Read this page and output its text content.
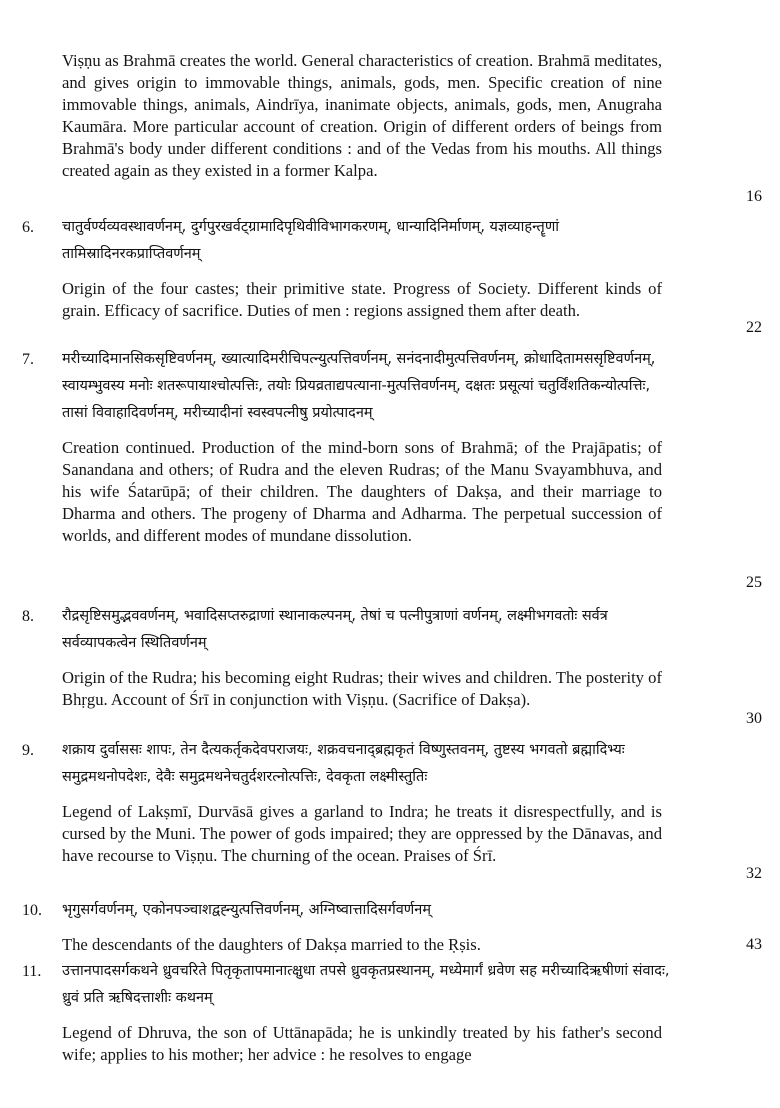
Viṣṇu as Brahmā creates the world. General characteristics of creation. Brahmā meditates, and gives origin to immovable things, animals, gods, men. Specific creation of nine immovable things, animals, Aindrīya, inanimate objects, animals, gods, men, Anugraha Kaumāra. More particular account of creation. Origin of different orders of beings from Brahmā's body under different conditions : and of the Vedas from his mouths. All things created again as they existed in a former Kalpa.
16
6. चातुर्वर्ण्यव्यवस्थावर्णनम्, दुर्गपुरखर्वट्ग्रामादिपृथिवीविभागकरणम्, धान्यादिनिर्माणम्, यज्ञव्याहन्तॄणां तामिस्रादिनरकप्राप्तिवर्णनम्
Origin of the four castes; their primitive state. Progress of Society. Different kinds of grain. Efficacy of sacrifice. Duties of men : regions assigned them after death.
22
7. मरीच्यादिमानसिकसृष्टिवर्णनम्, ख्यात्यादिमरीचिपत्न्युत्पत्तिवर्णनम्, सनंदनादीमुत्पत्तिवर्णनम्, क्रोधादितामससृष्टिवर्णनम्, स्वायम्भुवस्य मनोः शतरूपायाश्चोत्पत्तिः, तयोः प्रियव्रताद्यपत्याना-मुत्पत्तिवर्णनम्, दक्षतः प्रसूत्यां चतुर्विंशतिकन्योत्पत्तिः, तासां विवाहादिवर्णनम्, मरीच्यादीनां स्वस्वपत्नीषु प्रयोत्पादनम्
Creation continued. Production of the mind-born sons of Brahmā; of the Prajāpatis; of Sanandana and others; of Rudra and the eleven Rudras; of the Manu Svayambhuva, and his wife Śatarūpā; of their children. The daughters of Dakṣa, and their marriage to Dharma and others. The progeny of Dharma and Adharma. The perpetual succession of worlds, and different modes of mundane dissolution.
25
8. रौद्रसृष्टिसमुद्भववर्णनम्, भवादिसप्तरुद्राणां स्थानाकल्पनम्, तेषां च पत्नीपुत्राणां वर्णनम्, लक्ष्मीभगवतोः सर्वत्र सर्वव्यापकत्वेन स्थितिवर्णनम्
Origin of the Rudra; his becoming eight Rudras; their wives and children. The posterity of Bhṛgu. Account of Śrī in conjunction with Viṣṇu. (Sacrifice of Dakṣa).
30
9. शक्राय दुर्वाससः शापः, तेन दैत्यकर्तृकदेवपराजयः, शक्रवचनाद्ब्रह्मकृतं विष्णुस्तवनम्, तुष्टस्य भगवतो ब्रह्मादिभ्यः समुद्रमथनोपदेशः, देवैः समुद्रमथनेचतुर्दशरत्नोत्पत्तिः, देवकृता लक्ष्मीस्तुतिः
Legend of Lakṣmī, Durvāsā gives a garland to Indra; he treats it disrespectfully, and is cursed by the Muni. The power of gods impaired; they are oppressed by the Dānavas, and have recourse to Viṣṇu. The churning of the ocean. Praises of Śrī.
32
10. भृगुसर्गवर्णनम्, एकोनपञ्चाशद्वह्न्युत्पत्तिवर्णनम्, अग्निष्वात्तादिसर्गवर्णनम्
The descendants of the daughters of Dakṣa married to the Ṛṣis.	43
11. उत्तानपादसर्गकथने ध्रुवचरिते पितृकृतापमानात्क्षुधा तपसे ध्रुवकृतप्रस्थानम्, मध्येमार्गं ध्रवेण सह मरीच्यादिऋषीणां संवादः, ध्रुवं प्रति ऋषिदत्ताशीः कथनम्
Legend of Dhruva, the son of Uttānapāda; he is unkindly treated by his father's second wife; applies to his mother; her advice : he resolves to engage
